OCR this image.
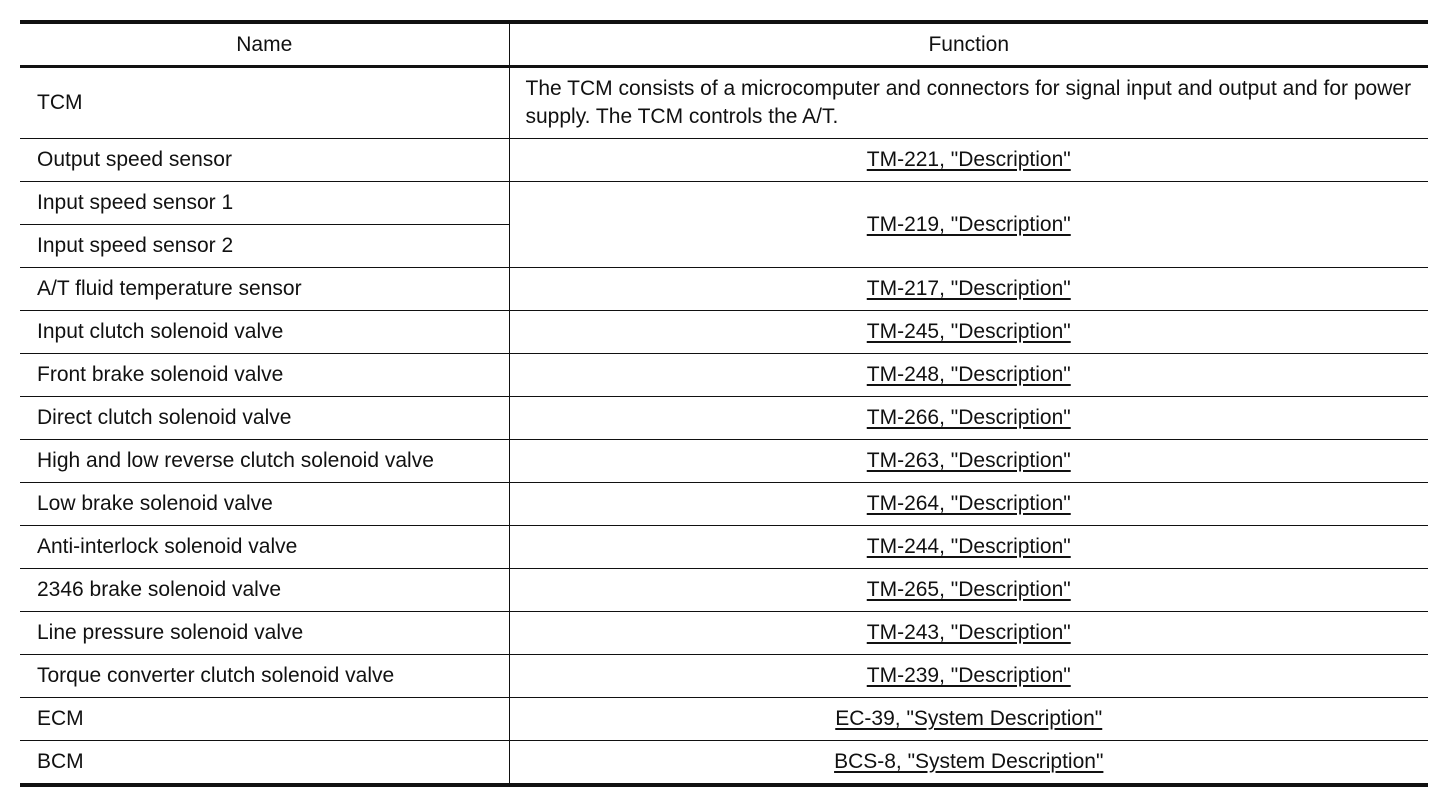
Name	Function
TCM	The TCM consists of a microcomputer and connectors for signal input and output and for power supply. The TCM controls the A/T.
Output speed sensor	TM-221, "Description"
Input speed sensor 1	TM-219, "Description"
Input speed sensor 2	
A/T fluid temperature sensor	TM-217, "Description"
Input clutch solenoid valve	TM-245, "Description"
Front brake solenoid valve	TM-248, "Description"
Direct clutch solenoid valve	TM-266, "Description"
High and low reverse clutch solenoid valve	TM-263, "Description"
Low brake solenoid valve	TM-264, "Description"
Anti-interlock solenoid valve	TM-244, "Description"
2346 brake solenoid valve	TM-265, "Description"
Line pressure solenoid valve	TM-243, "Description"
Torque converter clutch solenoid valve	TM-239, "Description"
ECM	EC-39, "System Description"
BCM	BCS-8, "System Description"
